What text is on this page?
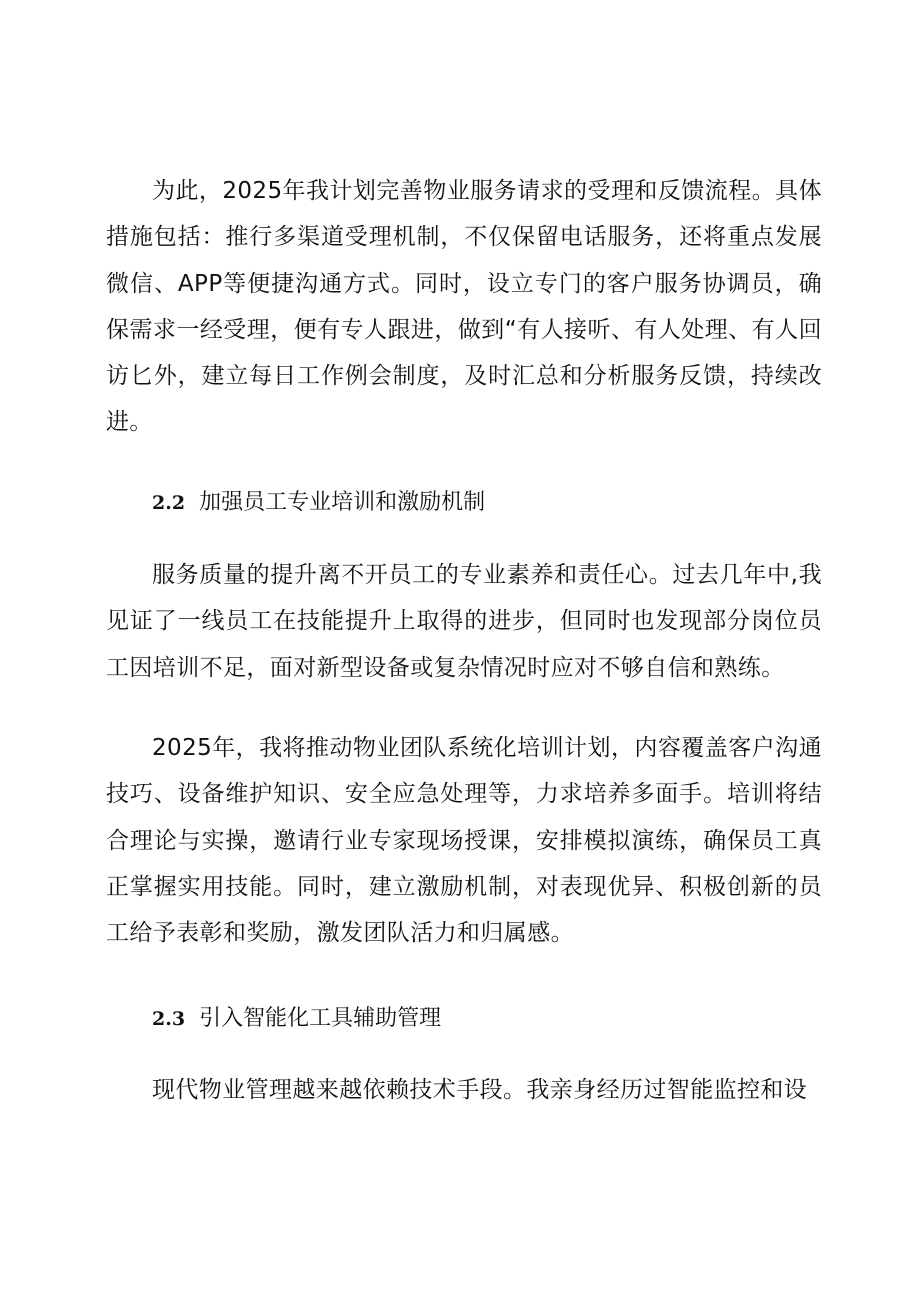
为此，2025年我计划完善物业服务请求的受理和反馈流程。具体措施包括：推行多渠道受理机制，不仅保留电话服务，还将重点发展微信、APP等便捷沟通方式。同时，设立专门的客户服务协调员，确保需求一经受理，便有专人跟进，做到“有人接听、有人处理、有人回访匕外，建立每日工作例会制度，及时汇总和分析服务反馈，持续改进。

2.2 加强员工专业培训和激励机制

服务质量的提升离不开员工的专业素养和责任心。过去几年中,我见证了一线员工在技能提升上取得的进步，但同时也发现部分岗位员工因培训不足，面对新型设备或复杂情况时应对不够自信和熟练。

2025年，我将推动物业团队系统化培训计划，内容覆盖客户沟通技巧、设备维护知识、安全应急处理等，力求培养多面手。培训将结合理论与实操，邀请行业专家现场授课，安排模拟演练，确保员工真正掌握实用技能。同时，建立激励机制，对表现优异、积极创新的员工给予表彰和奖励，激发团队活力和归属感。

2.3 引入智能化工具辅助管理

现代物业管理越来越依赖技术手段。我亲身经历过智能监控和设
